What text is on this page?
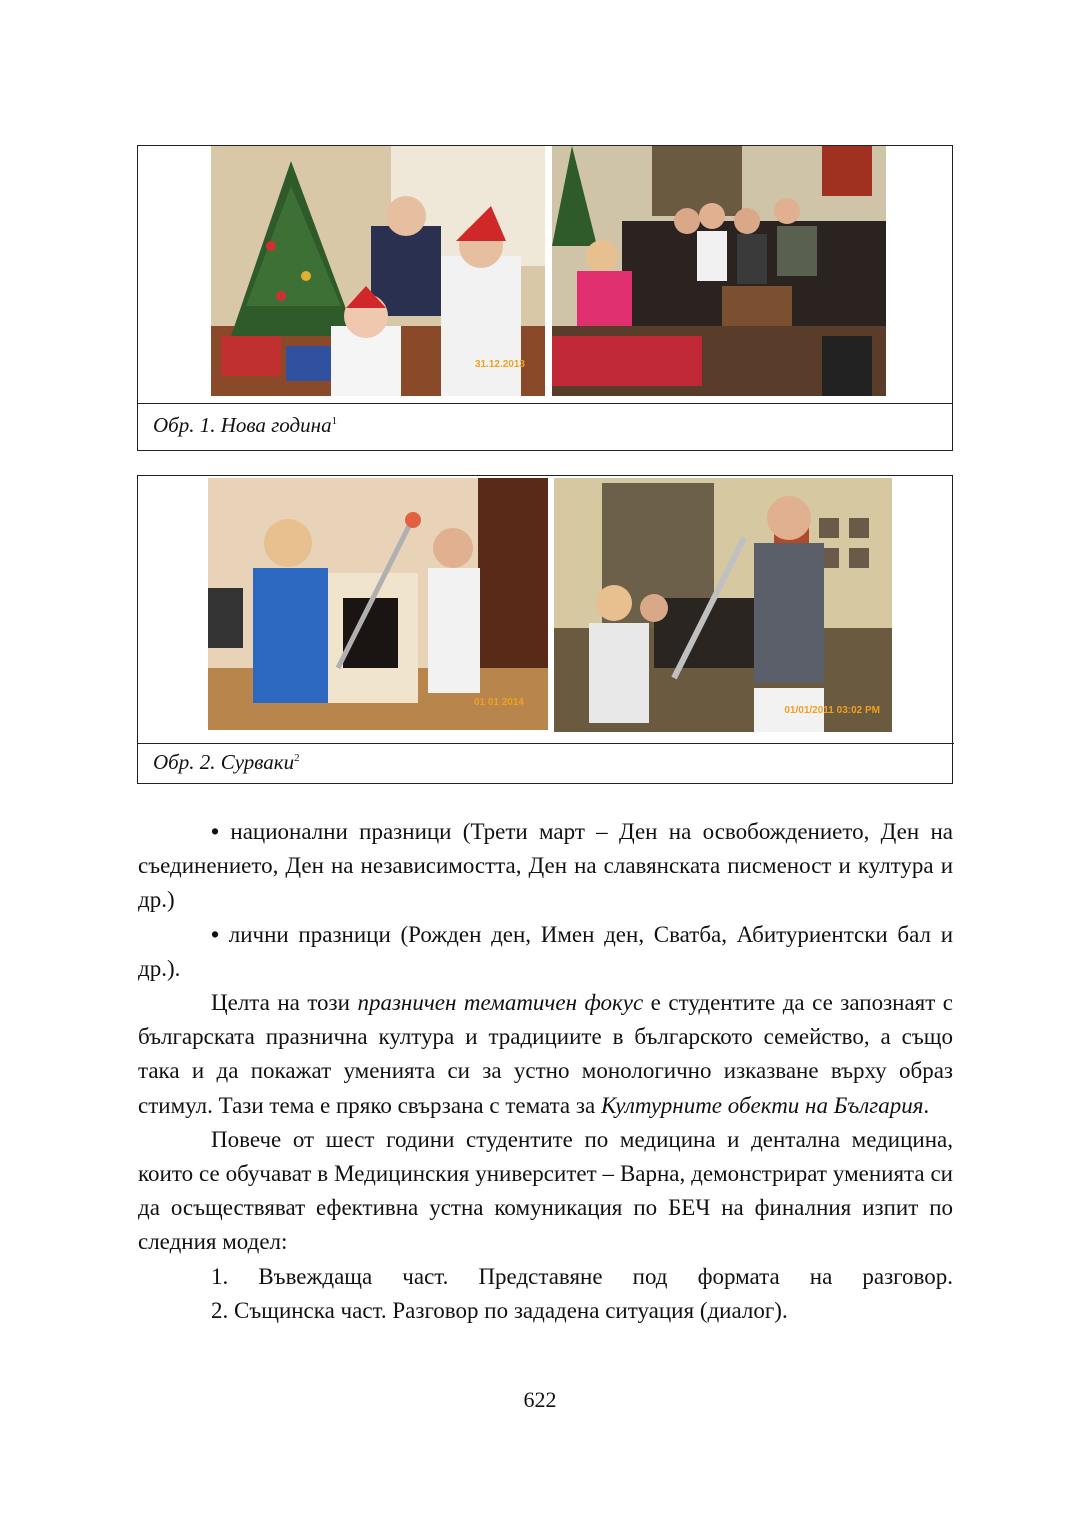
31.12.2013
Обр. 1. Нова година$^1$
01 01 2014
01/01/2011 03:02 PM
Обр. 2. Сурваки$^2$

• национални празници (Трети март – Ден на освобождението, Ден на съединението, Ден на независимостта, Ден на славянската писменост и култура и др.)

• лични празници (Рожден ден, Имен ден, Сватба, Абитуриентски бал и др.).

Целта на този празничен тематичен фокус е студентите да се запознаят с българската празнична култура и традициите в българското семейство, а също така и да покажат уменията си за устно монологично изказване върху образ стимул. Тази тема е пряко свързана с темата за Културните обекти на България.

Повече от шест години студентите по медицина и дентална медицина, които се обучават в Медицинския университет – Варна, демонстрират уменията си да осъществяват ефективна устна комуникация по БЕЧ на финалния изпит по следния модел:

1. Въвеждаща част. Представяне под формата на разговор.

2. Същинска част. Разговор по зададена ситуация (диалог).

622
